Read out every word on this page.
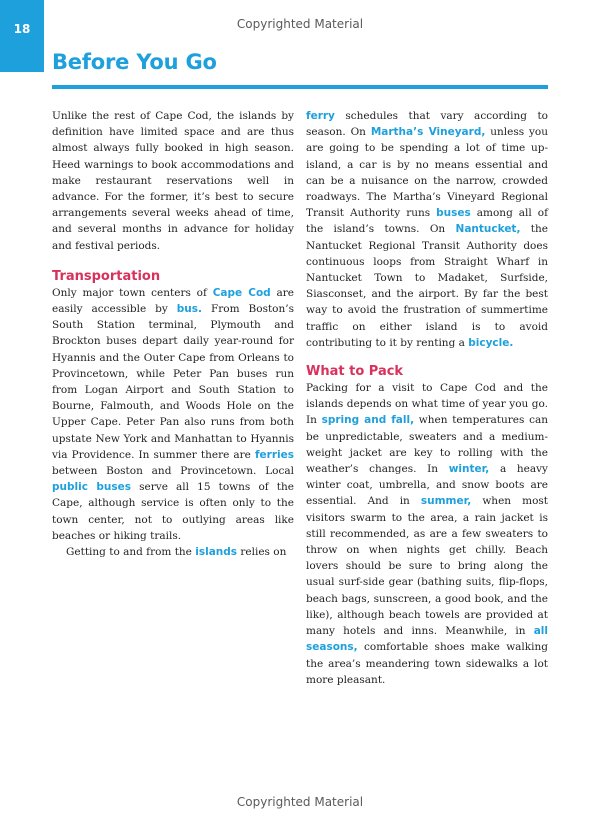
18	Copyrighted Material
Before You Go

Unlike the rest of Cape Cod, the islands by definition have limited space and are thus almost always fully booked in high season. Heed warnings to book accommodations and make restaurant reservations well in advance. For the former, it’s best to secure arrangements several weeks ahead of time, and several months in advance for holiday and festival periods.

Transportation

Only major town centers of Cape Cod are easily accessible by bus. From Boston’s South Station terminal, Plymouth and Brockton buses depart daily year-round for Hyannis and the Outer Cape from Orleans to Provincetown, while Peter Pan buses run from Logan Airport and South Station to Bourne, Falmouth, and Woods Hole on the Upper Cape. Peter Pan also runs from both upstate New York and Manhattan to Hyannis via Providence. In summer there are ferries between Boston and Provincetown. Local public buses serve all 15 towns of the Cape, although service is often only to the town center, not to outlying areas like beaches or hiking trails.

Getting to and from the islands relies on

ferry schedules that vary according to season. On Martha’s Vineyard, unless you are going to be spending a lot of time up-island, a car is by no means essential and can be a nuisance on the narrow, crowded roadways. The Martha’s Vineyard Regional Transit Authority runs buses among all of the island’s towns. On Nantucket, the Nantucket Regional Transit Authority does continuous loops from Straight Wharf in Nantucket Town to Madaket, Surfside, Siasconset, and the airport. By far the best way to avoid the frustration of summertime traffic on either island is to avoid contributing to it by renting a bicycle.

What to Pack

Packing for a visit to Cape Cod and the islands depends on what time of year you go. In spring and fall, when temperatures can be unpredictable, sweaters and a medium-weight jacket are key to rolling with the weather’s changes. In winter, a heavy winter coat, umbrella, and snow boots are essential. And in summer, when most visitors swarm to the area, a rain jacket is still recommended, as are a few sweaters to throw on when nights get chilly. Beach lovers should be sure to bring along the usual surf-side gear (bathing suits, flip-flops, beach bags, sunscreen, a good book, and the like), although beach towels are provided at many hotels and inns. Meanwhile, in all seasons, comfortable shoes make walking the area’s meandering town sidewalks a lot more pleasant.

Copyrighted Material
